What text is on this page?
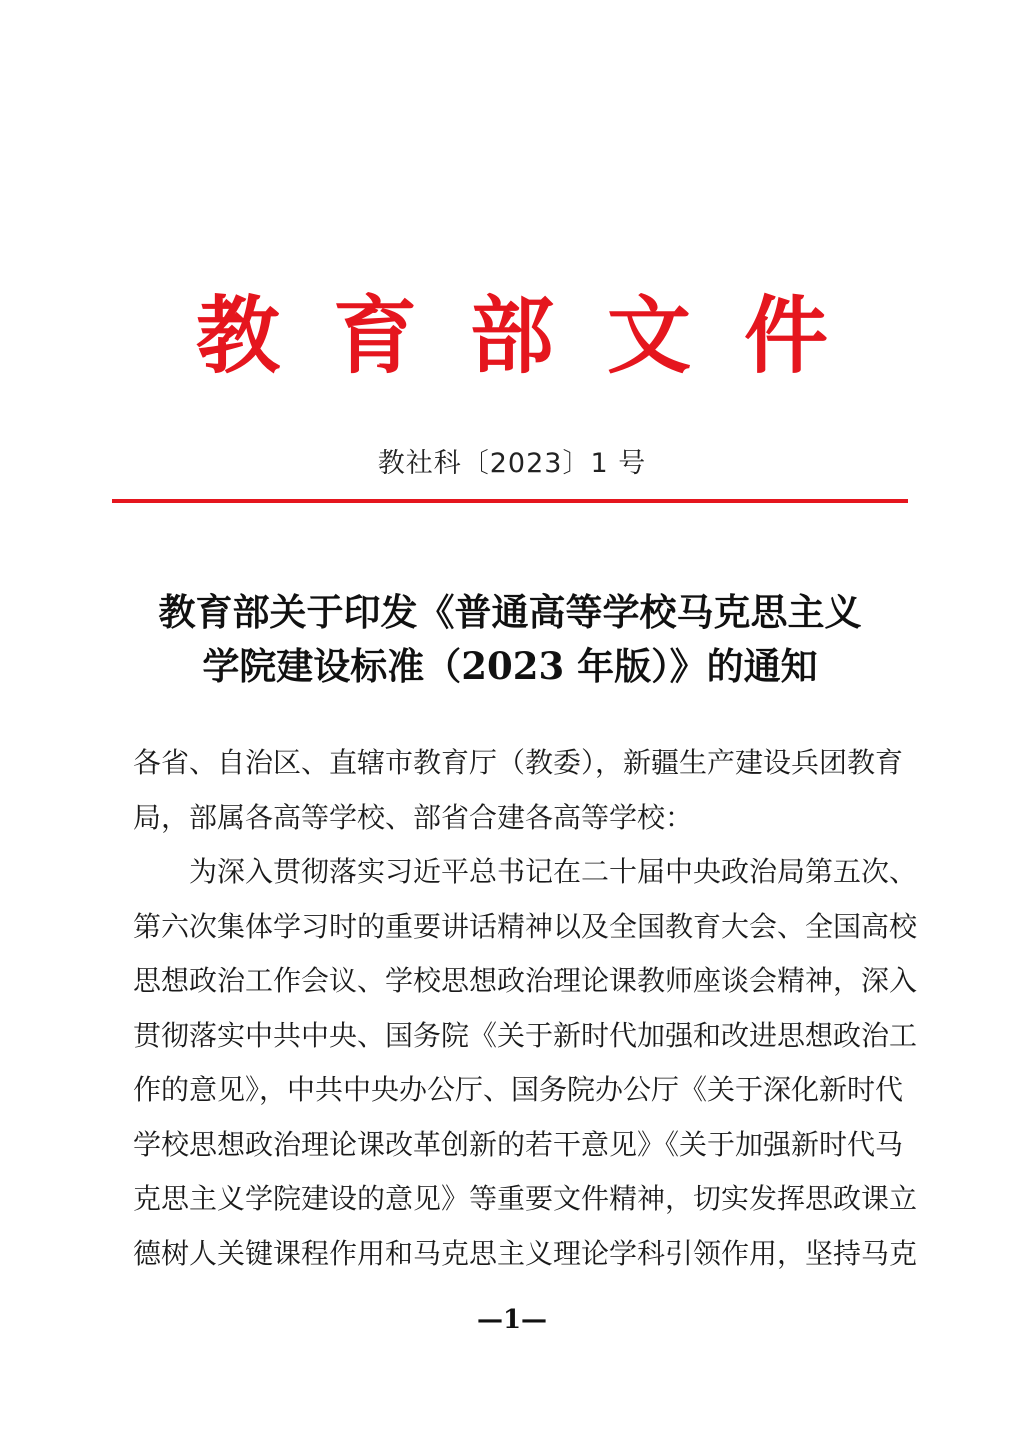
教 育 部 文 件
教社科〔2023〕1 号
教育部关于印发《普通高等学校马克思主义
学院建设标准（2023 年版）》的通知
各省、自治区、直辖市教育厅（教委），新疆生产建设兵团教育
局，部属各高等学校、部省合建各高等学校：
为深入贯彻落实习近平总书记在二十届中央政治局第五次、
第六次集体学习时的重要讲话精神以及全国教育大会、全国高校
思想政治工作会议、学校思想政治理论课教师座谈会精神，深入
贯彻落实中共中央、国务院《关于新时代加强和改进思想政治工
作的意见》，中共中央办公厅、国务院办公厅《关于深化新时代
学校思想政治理论课改革创新的若干意见》《关于加强新时代马
克思主义学院建设的意见》等重要文件精神，切实发挥思政课立
德树人关键课程作用和马克思主义理论学科引领作用，坚持马克
—1—
